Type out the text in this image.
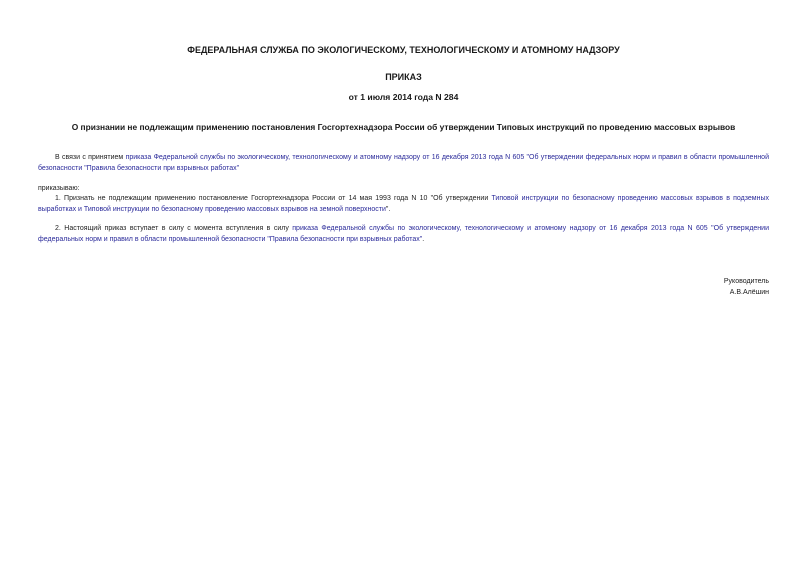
ФЕДЕРАЛЬНАЯ СЛУЖБА ПО ЭКОЛОГИЧЕСКОМУ, ТЕХНОЛОГИЧЕСКОМУ И АТОМНОМУ НАДЗОРУ
ПРИКАЗ
от 1 июля 2014 года N 284
О признании не подлежащим применению постановления Госгортехнадзора России об утверждении Типовых инструкций по проведению массовых взрывов
В связи с принятием приказа Федеральной службы по экологическому, технологическому и атомному надзору от 16 декабря 2013 года N 605 "Об утверждении федеральных норм и правил в области промышленной безопасности "Правила безопасности при взрывных работах"
приказываю:
1. Признать не подлежащим применению постановление Госгортехнадзора России от 14 мая 1993 года N 10 "Об утверждении Типовой инструкции по безопасному проведению массовых взрывов в подземных выработках и Типовой инструкции по безопасному проведению массовых взрывов на земной поверхности".
2. Настоящий приказ вступает в силу с момента вступления в силу приказа Федеральной службы по экологическому, технологическому и атомному надзору от 16 декабря 2013 года N 605 "Об утверждении федеральных норм и правил в области промышленной безопасности "Правила безопасности при взрывных работах".
Руководитель
А.В.Алёшин
